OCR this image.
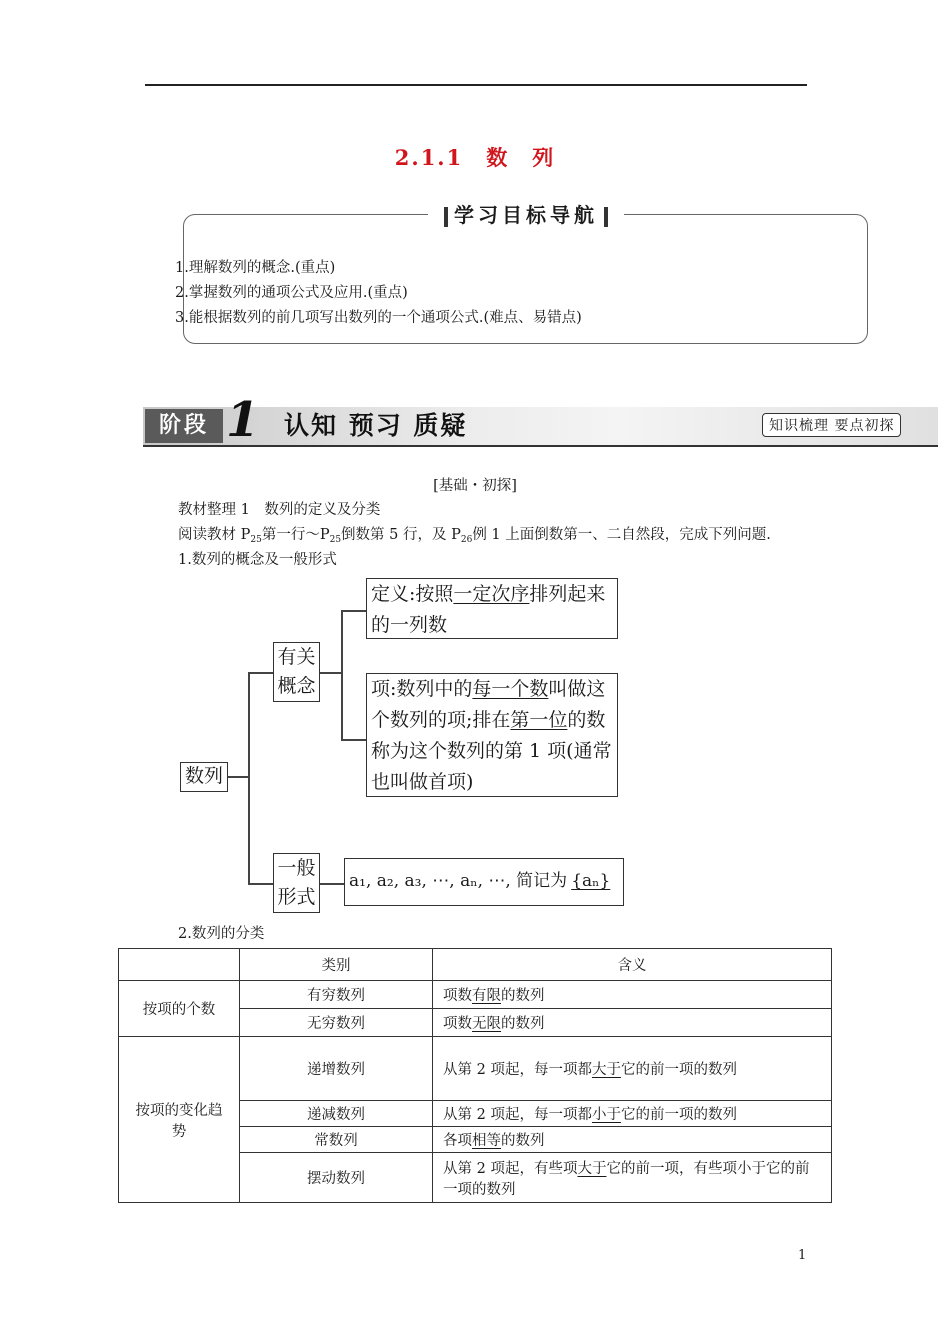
2.1.1　数　列
学习目标导航
1.理解数列的概念.(重点)
2.掌握数列的通项公式及应用.(重点)
3.能根据数列的前几项写出数列的一个通项公式.(难点、易错点)
阶段 1 认知 预习 质疑	知识梳理 要点初探
[基础・初探]
教材整理 1　数列的定义及分类
阅读教材 $P_{25}$第一行$\sim P_{25}$倒数第 5 行，及 $P_{26}$例 1 上面倒数第一、二自然段，完成下列问题.
1.数列的概念及一般形式
数列
有关概念
一般形式
定义:按照一定次序排列起来的一列数
项:数列中的每一个数叫做这个数列的项;排在第一位的数称为这个数列的第 1 项(通常也叫做首项)
a₁, a₂, a₃, ⋯, aₙ, ⋯, 简记为 {aₙ}
2.数列的分类
	类别	含义
按项的个数	有穷数列	项数有限的数列
	无穷数列	项数无限的数列
按项的变化趋势	递增数列	从第 2 项起，每一项都大于它的前一项的数列
	递减数列	从第 2 项起，每一项都小于它的前一项的数列
	常数列	各项相等的数列
	摆动数列	从第 2 项起，有些项大于它的前一项，有些项小于它的前一项的数列
1
